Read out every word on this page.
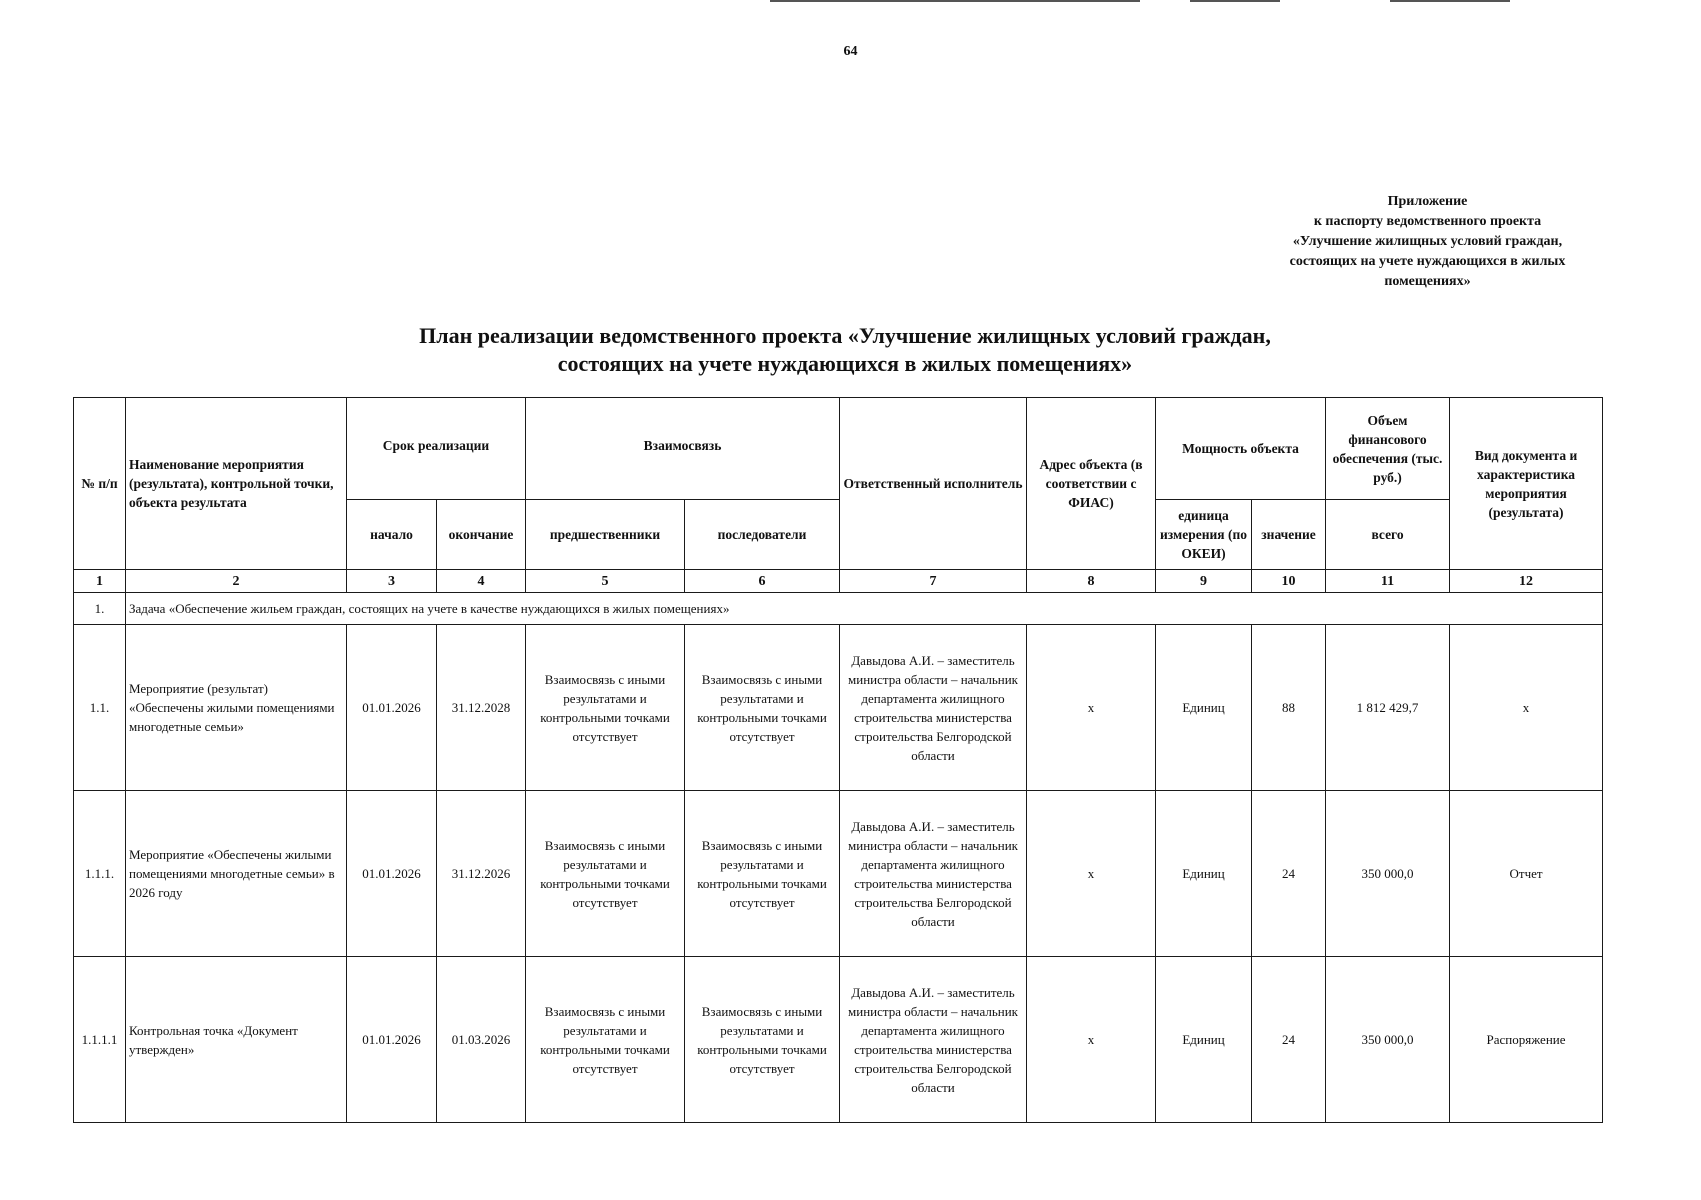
64
Приложение
к паспорту ведомственного проекта
«Улучшение жилищных условий граждан,
состоящих на учете нуждающихся в жилых
помещениях»
План реализации ведомственного проекта «Улучшение жилищных условий граждан,
состоящих на учете нуждающихся в жилых помещениях»
№ п/п	Наименование мероприятия (результата), контрольной точки, объекта результата	Срок реализации		Взаимосвязь		Ответственный исполнитель	Адрес объекта (в соответствии с ФИАС)	Мощность объекта		Объем финансового обеспечения (тыс. руб.)	Вид документа и характеристика мероприятия (результата)
		начало	окончание	предшественники	последователи			единица измерения (по ОКЕИ)	значение	всего	
1	2	3	4	5	6	7	8	9	10	11	12
1.	Задача «Обеспечение жильем граждан, состоящих на учете в качестве нуждающихся в жилых помещениях»										
1.1.	Мероприятие (результат) «Обеспечены жилыми помещениями многодетные семьи»	01.01.2026	31.12.2028	Взаимосвязь с иными результатами и контрольными точками отсутствует	Взаимосвязь с иными результатами и контрольными точками отсутствует	Давыдова А.И. – заместитель министра области – начальник департамента жилищного строительства министерства строительства Белгородской области	х	Единиц	88	1 812 429,7	х
1.1.1.	Мероприятие «Обеспечены жилыми помещениями многодетные семьи» в 2026 году	01.01.2026	31.12.2026	Взаимосвязь с иными результатами и контрольными точками отсутствует	Взаимосвязь с иными результатами и контрольными точками отсутствует	Давыдова А.И. – заместитель министра области – начальник департамента жилищного строительства министерства строительства Белгородской области	х	Единиц	24	350 000,0	Отчет
1.1.1.1	Контрольная точка «Документ утвержден»	01.01.2026	01.03.2026	Взаимосвязь с иными результатами и контрольными точками отсутствует	Взаимосвязь с иными результатами и контрольными точками отсутствует	Давыдова А.И. – заместитель министра области – начальник департамента жилищного строительства министерства строительства Белгородской области	х	Единиц	24	350 000,0	Распоряжение
